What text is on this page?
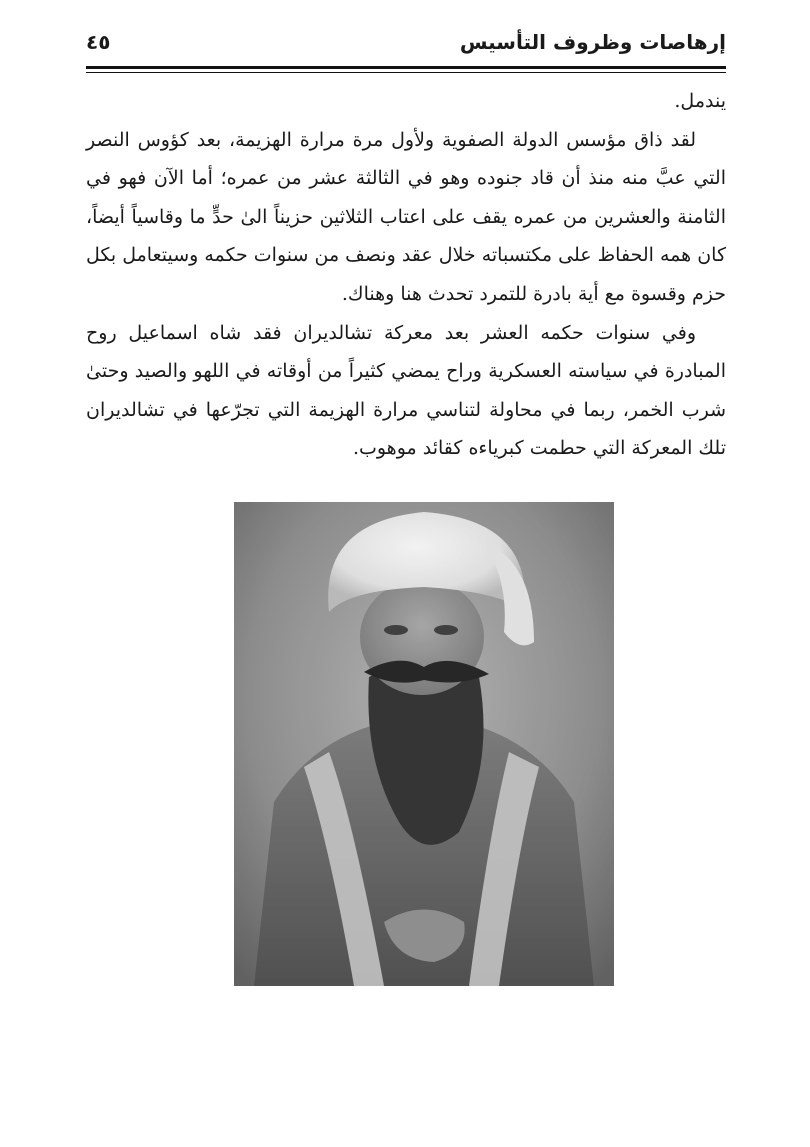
إرهاصات وظروف التأسيس
٤٥

يندمل.

لقد ذاق مؤسس الدولة الصفوية ولأول مرة مرارة الهزيمة، بعد كؤوس النصر التي عبَّ منه منذ أن قاد جنوده وهو في الثالثة عشر من عمره؛ أما الآن فهو في الثامنة والعشرين من عمره يقف على اعتاب الثلاثين حزيناً الىٰ حدٍّ ما وقاسياً أيضاً، كان همه الحفاظ على مكتسباته خلال عقد ونصف من سنوات حكمه وسيتعامل بكل حزم وقسوة مع أية بادرة للتمرد تحدث هنا وهناك.

وفي سنوات حكمه العشر بعد معركة تشالديران فقد شاه اسماعيل روح المبادرة في سياسته العسكرية وراح يمضي كثيراً من أوقاته في اللهو والصيد وحتىٰ شرب الخمر، ربما في محاولة لتناسي مرارة الهزيمة التي تجرّعها في تشالديران تلك المعركة التي حطمت كبرياءه كقائد موهوب.
